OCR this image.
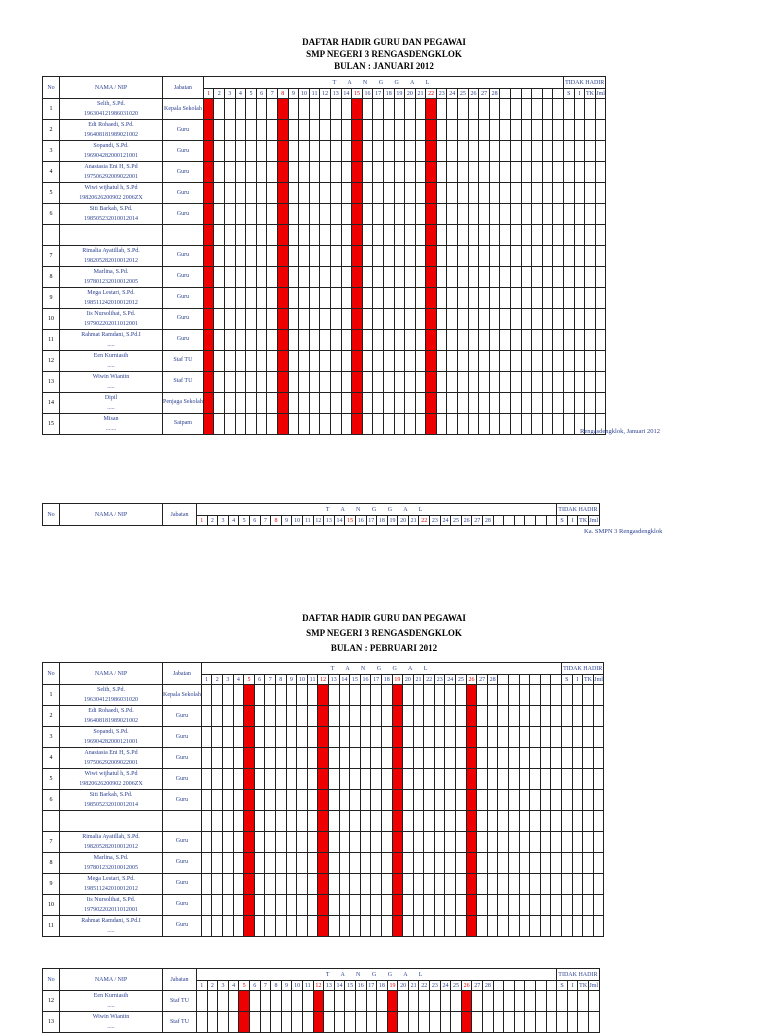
DAFTAR HADIR GURU DAN PEGAWAI
SMP NEGERI 3 RENGASDENGKLOK
BULAN : JANUARI 2012
No	NAMA / NIP	Jabatan	T A N G G A L																																		TIDAK HADIR			
			1	2	3	4	5	6	7	8	9	10	11	12	13	14	15	16	17	18	19	20	21	22	23	24	25	26	27	28							S	I	TK	Jml
1	Selih, S.Pd.
196304121986031020	Kepala Sekolah																																						
2	Edi Rohaedi, S.Pd.
196408181989021002	Guru																																						
3	Sopandi, S.Pd.
196904282000121001	Guru																																						
4	Anastasia Eni H, S.Pd
197506292009022001	Guru																																						
5	Wiwi wijhatul h, S.Pd
19820626200902 2006ZX	Guru																																						
6	Siti Barkah, S.Pd.
198505232010012014	Guru																																						

7	Rimalia Ayatillah, S.Pd.
198205282010012012	Guru																																						
8	Marlina, S.Pd.
197801232010012005	Guru																																						
9	Mega Lestari, S.Pd.
198511242010012012	Guru																																						
10	Iis Nursolihat, S.Pd.
197902202011012001	Guru																																						
11	Rahmat Ramdani, S.Pd.I
.....	Guru																																						
12	Een Kurniasih
.....	Staf TU																																						
13	Wiwin Wiantin
.....	Staf TU																																						
14	Dipil
.....	Penjaga Sekolah																																						
15	Misan
.......	Satpam																																						
Rengasdengklok, Januari 2012
No	NAMA / NIP	Jabatan	T A N G G A L																																		TIDAK HADIR			
			1	2	3	4	5	6	7	8	9	10	11	12	13	14	15	16	17	18	19	20	21	22	23	24	25	26	27	28							S	I	TK	Jml

Ka. SMPN 3 Rengasdengklok
DAFTAR HADIR GURU DAN PEGAWAI
SMP NEGERI 3 RENGASDENGKLOK
BULAN : PEBRUARI 2012
No	NAMA / NIP	Jabatan	T A N G G A L																																		TIDAK HADIR			
			1	2	3	4	5	6	7	8	9	10	11	12	13	14	15	16	17	18	19	20	21	22	23	24	25	26	27	28							S	I	TK	Jml
1	Selih, S.Pd.
196304121986031020	Kepala Sekolah																																						
2	Edi Rohaedi, S.Pd.
196408181989021002	Guru																																						
3	Sopandi, S.Pd.
196904282000121001	Guru																																						
4	Anastasia Eni H, S.Pd
197506292009022001	Guru																																						
5	Wiwi wijhatul h, S.Pd
19820626200902 2006ZX	Guru																																						
6	Siti Barkah, S.Pd.
198505232010012014	Guru																																						

7	Rimalia Ayatillah, S.Pd.
198205282010012012	Guru																																						
8	Marlina, S.Pd.
197801232010012005	Guru																																						
9	Mega Lestari, S.Pd.
198511242010012012	Guru																																						
10	Iis Nursolihat, S.Pd.
197902202011012001	Guru																																						
11	Rahmat Ramdani, S.Pd.I
.....	Guru																																						
No	NAMA / NIP	Jabatan	T A N G G A L																																		TIDAK HADIR			
			1	2	3	4	5	6	7	8	9	10	11	12	13	14	15	16	17	18	19	20	21	22	23	24	25	26	27	28							S	I	TK	Jml
12	Een Kurniasih
.....	Staf TU																																						
13	Wiwin Wiantin
.....	Staf TU																																						
